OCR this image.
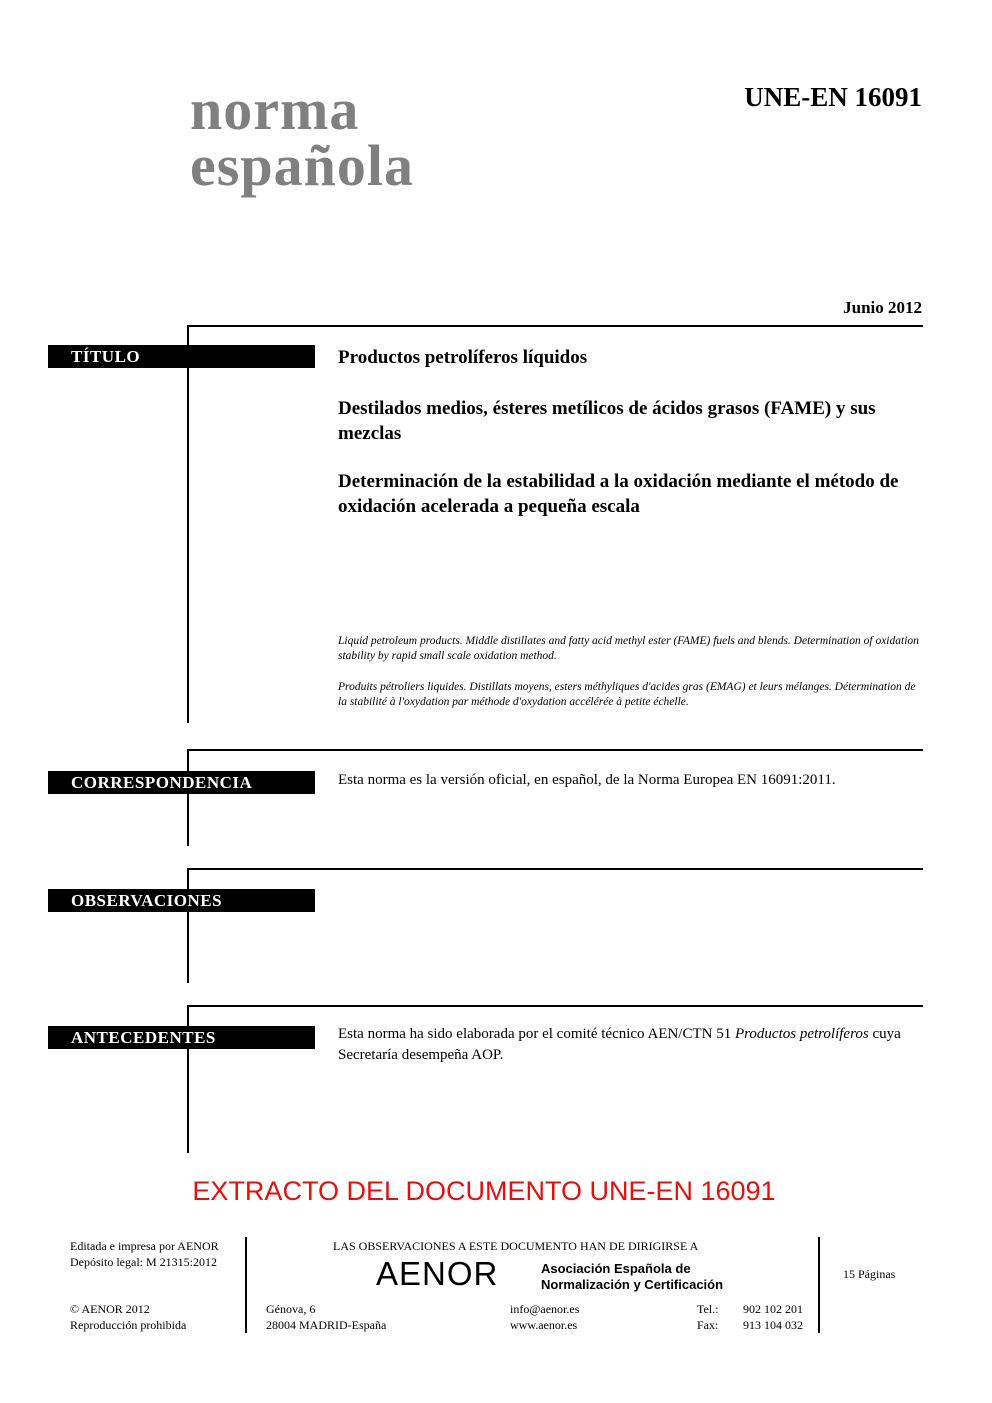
norma
española
UNE-EN 16091
Junio 2012
TÍTULO	Productos petrolíferos líquidos
Destilados medios, ésteres metílicos de ácidos grasos (FAME) y sus mezclas
Determinación de la estabilidad a la oxidación mediante el método de oxidación acelerada a pequeña escala
Liquid petroleum products. Middle distillates and fatty acid methyl ester (FAME) fuels and blends. Determination of oxidation stability by rapid small scale oxidation method.
Produits pétroliers liquides. Distillats moyens, esters méthyliques d'acides gras (EMAG) et leurs mélanges. Détermination de la stabilité à l'oxydation par méthode d'oxydation accélérée à petite échelle.
CORRESPONDENCIA	Esta norma es la versión oficial, en español, de la Norma Europea EN 16091:2011.
OBSERVACIONES
ANTECEDENTES	Esta norma ha sido elaborada por el comité técnico AEN/CTN 51 Productos petrolíferos cuya Secretaría desempeña AOP.
EXTRACTO DEL DOCUMENTO UNE-EN 16091
Editada e impresa por AENOR
Depósito legal: M 21315:2012
© AENOR 2012
Reproducción prohibida
LAS OBSERVACIONES A ESTE DOCUMENTO HAN DE DIRIGIRSE A
AENOR	Asociación Española de
Normalización y Certificación
Génova, 6
28004 MADRID-España
info@aenor.es
www.aenor.es
Tel.: 902 102 201
Fax: 913 104 032
15 Páginas
